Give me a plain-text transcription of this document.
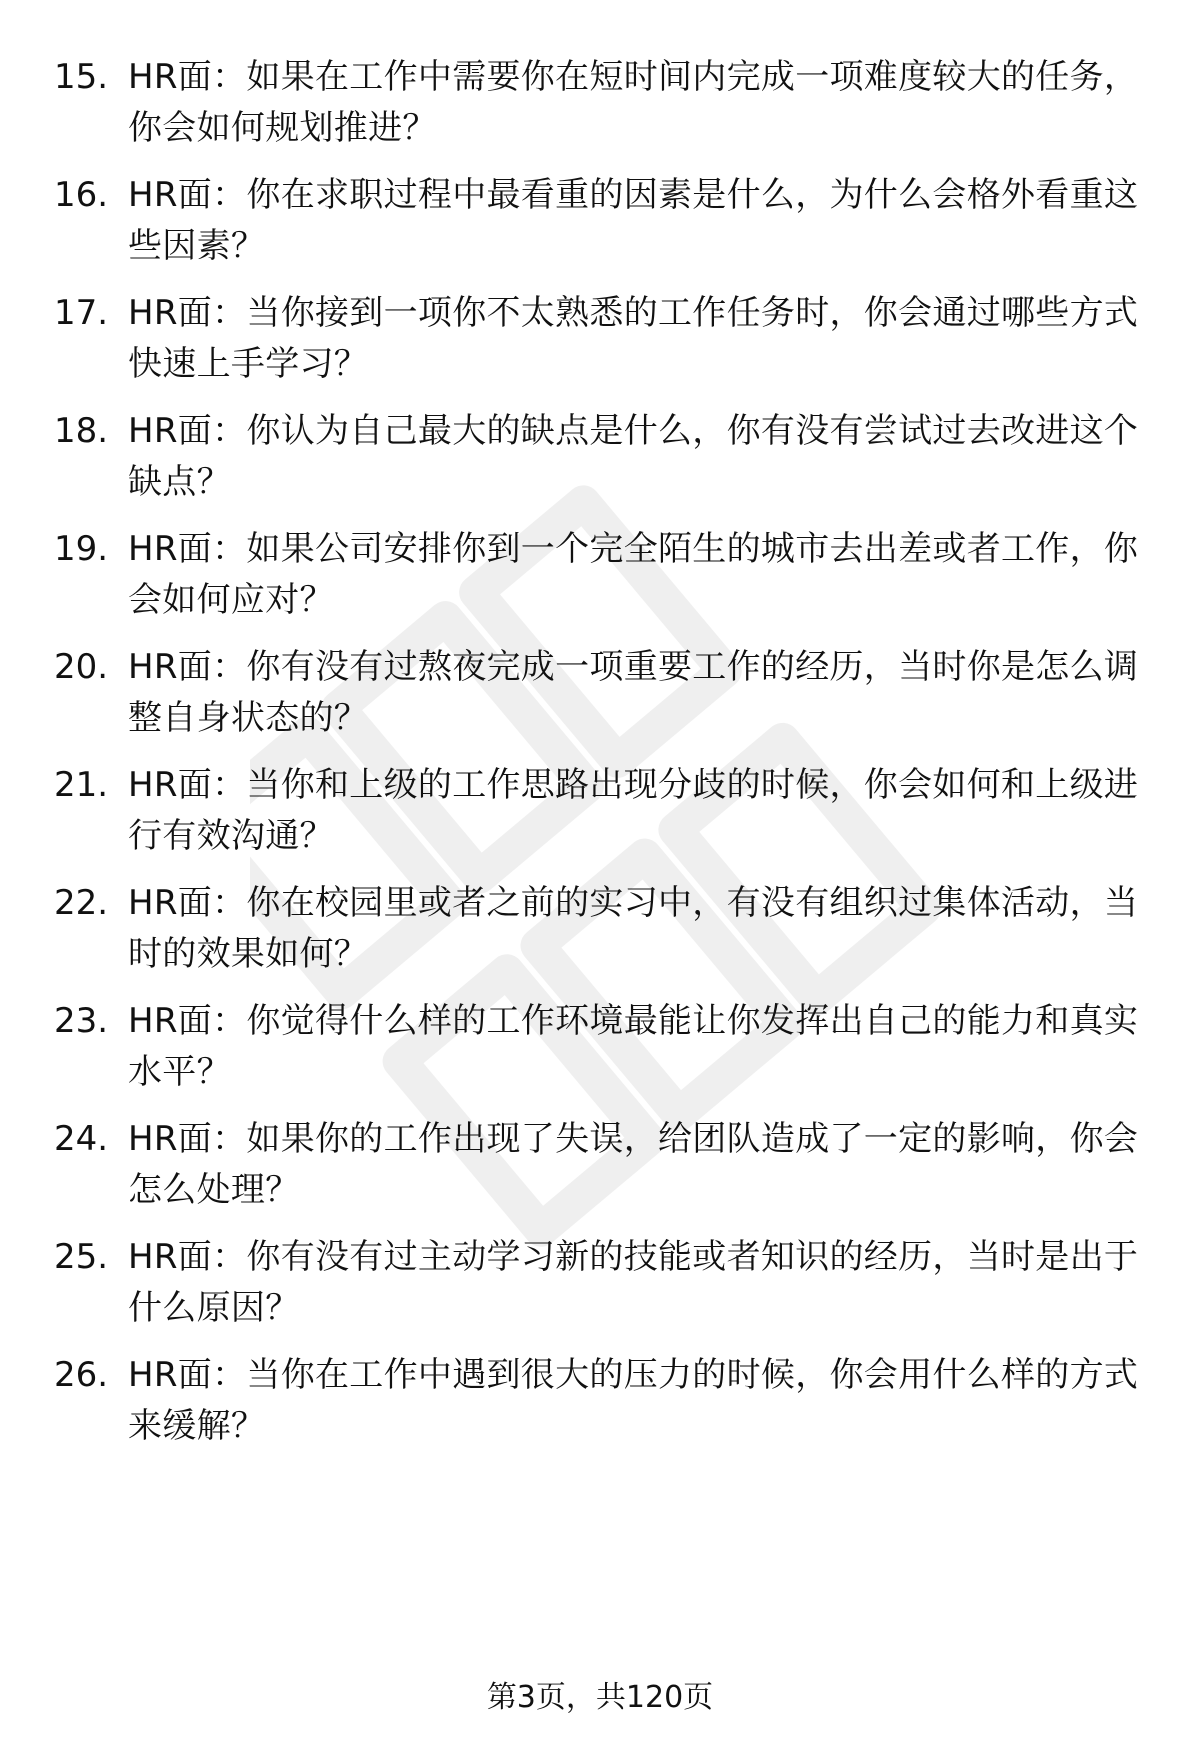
15. HR面：如果在工作中需要你在短时间内完成一项难度较大的任务，你会如何规划推进？
16. HR面：你在求职过程中最看重的因素是什么，为什么会格外看重这些因素？
17. HR面：当你接到一项你不太熟悉的工作任务时，你会通过哪些方式快速上手学习？
18. HR面：你认为自己最大的缺点是什么，你有没有尝试过去改进这个缺点？
19. HR面：如果公司安排你到一个完全陌生的城市去出差或者工作，你会如何应对？
20. HR面：你有没有过熬夜完成一项重要工作的经历，当时你是怎么调整自身状态的？
21. HR面：当你和上级的工作思路出现分歧的时候，你会如何和上级进行有效沟通？
22. HR面：你在校园里或者之前的实习中，有没有组织过集体活动，当时的效果如何？
23. HR面：你觉得什么样的工作环境最能让你发挥出自己的能力和真实水平？
24. HR面：如果你的工作出现了失误，给团队造成了一定的影响，你会怎么处理？
25. HR面：你有没有过主动学习新的技能或者知识的经历，当时是出于什么原因？
26. HR面：当你在工作中遇到很大的压力的时候，你会用什么样的方式来缓解？
第3页，共120页
